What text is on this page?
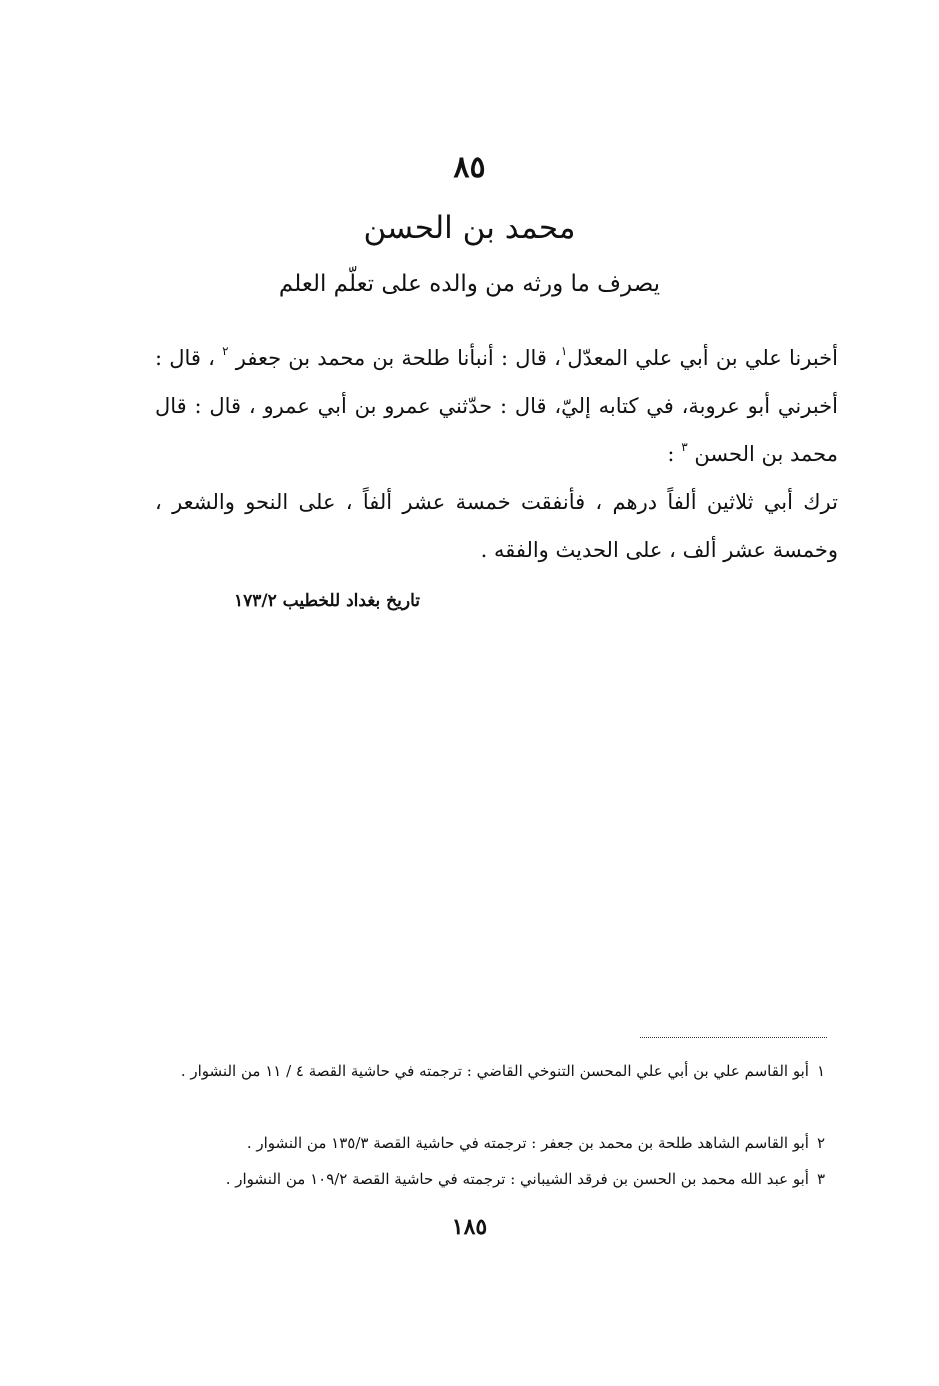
٨٥
محمد بن الحسن
يصرف ما ورثه من والده على تعلّم العلم
أخبرنا علي بن أبي علي المعدّل$^١$، قال : أنبأنا طلحة بن محمد بن جعفر $^٢$ ، قال : أخبرني أبو عروبة، في كتابه إليّ، قال : حدّثني عمرو بن أبي عمرو ، قال : قال محمد بن الحسن $^٣$ :
ترك أبي ثلاثين ألفاً درهم ، فأنفقت خمسة عشر ألفاً ، على النحو والشعر ، وخمسة عشر ألف ، على الحديث والفقه .
تاريخ بغداد للخطيب ١٧٣/٢
١أبو القاسم علي بن أبي علي المحسن التنوخي القاضي : ترجمته في حاشية القصة ٤ / ١١ من النشوار .
٢أبو القاسم الشاهد طلحة بن محمد بن جعفر : ترجمته في حاشية القصة ١٣٥/٣ من النشوار .
٣أبو عبد الله محمد بن الحسن بن فرقد الشيباني : ترجمته في حاشية القصة ١٠٩/٢ من النشوار .
١٨٥
